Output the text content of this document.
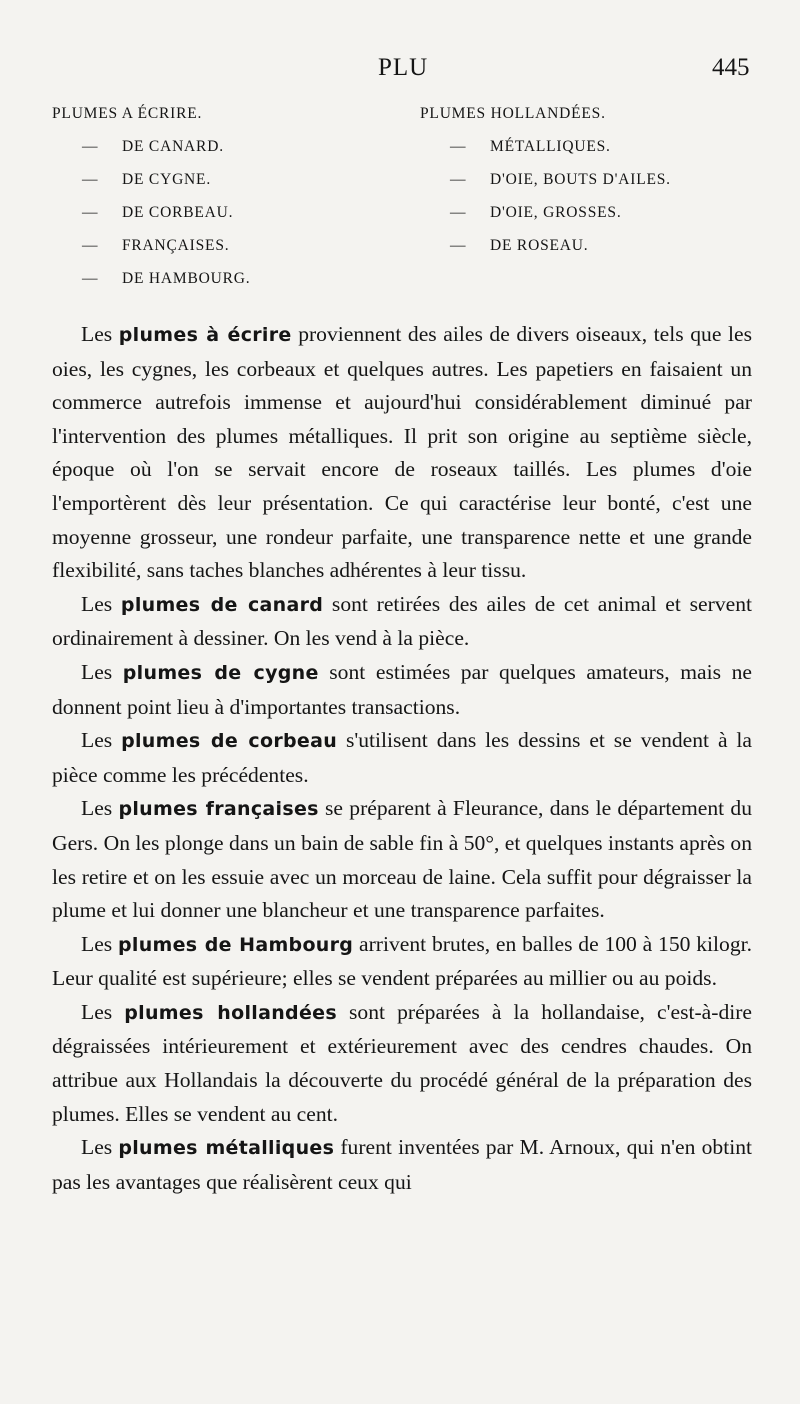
PLU	445
PLUMES A ÉCRIRE.	PLUMES HOLLANDÉES.
— DE CANARD.	— MÉTALLIQUES.
— DE CYGNE.	— D'OIE, BOUTS D'AILES.
— DE CORBEAU.	— D'OIE, GROSSES.
— FRANÇAISES.	— DE ROSEAU.
— DE HAMBOURG.

Les plumes à écrire proviennent des ailes de divers oiseaux, tels que les oies, les cygnes, les corbeaux et quelques autres. Les papetiers en faisaient un commerce autrefois immense et aujourd'hui considérablement diminué par l'intervention des plumes métalliques. Il prit son origine au septième siècle, époque où l'on se servait encore de roseaux taillés. Les plumes d'oie l'emportèrent dès leur présentation. Ce qui caractérise leur bonté, c'est une moyenne grosseur, une rondeur parfaite, une transparence nette et une grande flexibilité, sans taches blanches adhérentes à leur tissu.

Les plumes de canard sont retirées des ailes de cet animal et servent ordinairement à dessiner. On les vend à la pièce.

Les plumes de cygne sont estimées par quelques amateurs, mais ne donnent point lieu à d'importantes transactions.

Les plumes de corbeau s'utilisent dans les dessins et se vendent à la pièce comme les précédentes.

Les plumes françaises se préparent à Fleurance, dans le département du Gers. On les plonge dans un bain de sable fin à 50°, et quelques instants après on les retire et on les essuie avec un morceau de laine. Cela suffit pour dégraisser la plume et lui donner une blancheur et une transparence parfaites.

Les plumes de Hambourg arrivent brutes, en balles de 100 à 150 kilogr. Leur qualité est supérieure; elles se vendent préparées au millier ou au poids.

Les plumes hollandées sont préparées à la hollandaise, c'est-à-dire dégraissées intérieurement et extérieurement avec des cendres chaudes. On attribue aux Hollandais la découverte du procédé général de la préparation des plumes. Elles se vendent au cent.

Les plumes métalliques furent inventées par M. Arnoux, qui n'en obtint pas les avantages que réalisèrent ceux qui
